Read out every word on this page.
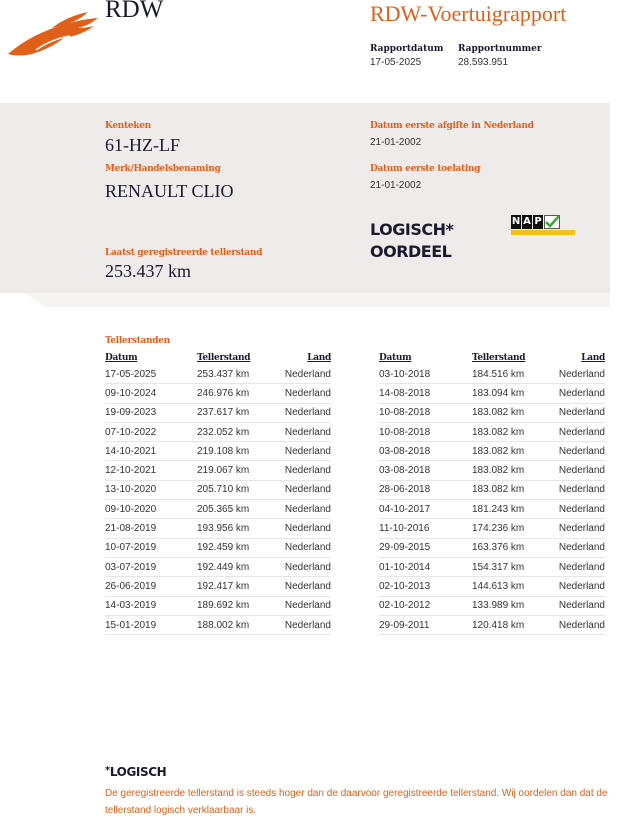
RDW	RDW-Voertuigrapport
Rapportdatum
17-05-2025
Rapportnummer
28.593.951
Kenteken
61-HZ-LF
Merk/Handelsbenaming
RENAULT CLIO
Laatst geregistreerde tellerstand
253.437 km
Datum eerste afgifte in Nederland
21-01-2002
Datum eerste toelating
21-01-2002
LOGISCH*
OORDEEL
N A P
Tellerstanden
Datum	Tellerstand	Land
17-05-2025	253.437 km	Nederland
09-10-2024	246.976 km	Nederland
19-09-2023	237.617 km	Nederland
07-10-2022	232.052 km	Nederland
14-10-2021	219.108 km	Nederland
12-10-2021	219.067 km	Nederland
13-10-2020	205.710 km	Nederland
09-10-2020	205.365 km	Nederland
21-08-2019	193.956 km	Nederland
10-07-2019	192.459 km	Nederland
03-07-2019	192.449 km	Nederland
26-06-2019	192.417 km	Nederland
14-03-2019	189.692 km	Nederland
15-01-2019	188.002 km	Nederland
Datum	Tellerstand	Land
03-10-2018	184.516 km	Nederland
14-08-2018	183.094 km	Nederland
10-08-2018	183.082 km	Nederland
10-08-2018	183.082 km	Nederland
03-08-2018	183.082 km	Nederland
03-08-2018	183.082 km	Nederland
28-06-2018	183.082 km	Nederland
04-10-2017	181.243 km	Nederland
11-10-2016	174.236 km	Nederland
29-09-2015	163.376 km	Nederland
01-10-2014	154.317 km	Nederland
02-10-2013	144.613 km	Nederland
02-10-2012	133.989 km	Nederland
29-09-2011	120.418 km	Nederland
*LOGISCH
De geregistreerde tellerstand is steeds hoger dan de daarvoor geregistreerde tellerstand. Wij oordelen dan dat de tellerstand logisch verklaarbaar is.
